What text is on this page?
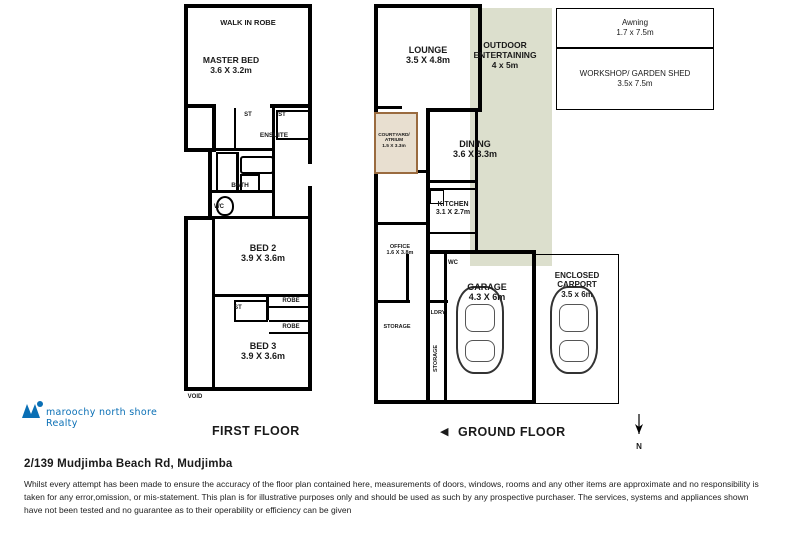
WALK IN ROBE
MASTER BED
3.6 X 3.2m
ENSUITE
BATH
WC
ST	ST
ST
BED 2
3.9 X 3.6m
BED 3
3.9 X 3.6m
ROBE
ROBE
VOID
FIRST FLOOR
LOUNGE
3.5 X 4.8m
OUTDOOR ENTERTAINING
4 x 5m
COURTYARD/ ATRIUM
1.5 X 3.3m	DINING
3.6 X 3.3m
KITCHEN
3.1 X 2.7m
OFFICE
1.6 X 3.8m
WC
STORAGE
LDRY
STORAGE
GARAGE
4.3 X 6m
ENCLOSED CARPORT
3.5 x 6m
GROUND FLOOR
◀
Awning
1.7 x 7.5m
WORKSHOP/ GARDEN SHED
3.5x 7.5m
N
maroochy north shore Realty
2/139 Mudjimba Beach Rd, Mudjimba
Whilst every attempt has been made to ensure the accuracy of the floor plan contained here, measurements of doors, windows, rooms and any other items are approximate and no responsibility is taken for any error,omission, or mis-statement. This plan is for illustrative purposes only and should be used as such by any prospective purchaser. The services, systems and appliances shown have not been tested and no guarantee as to their operability or efficiency can be given
